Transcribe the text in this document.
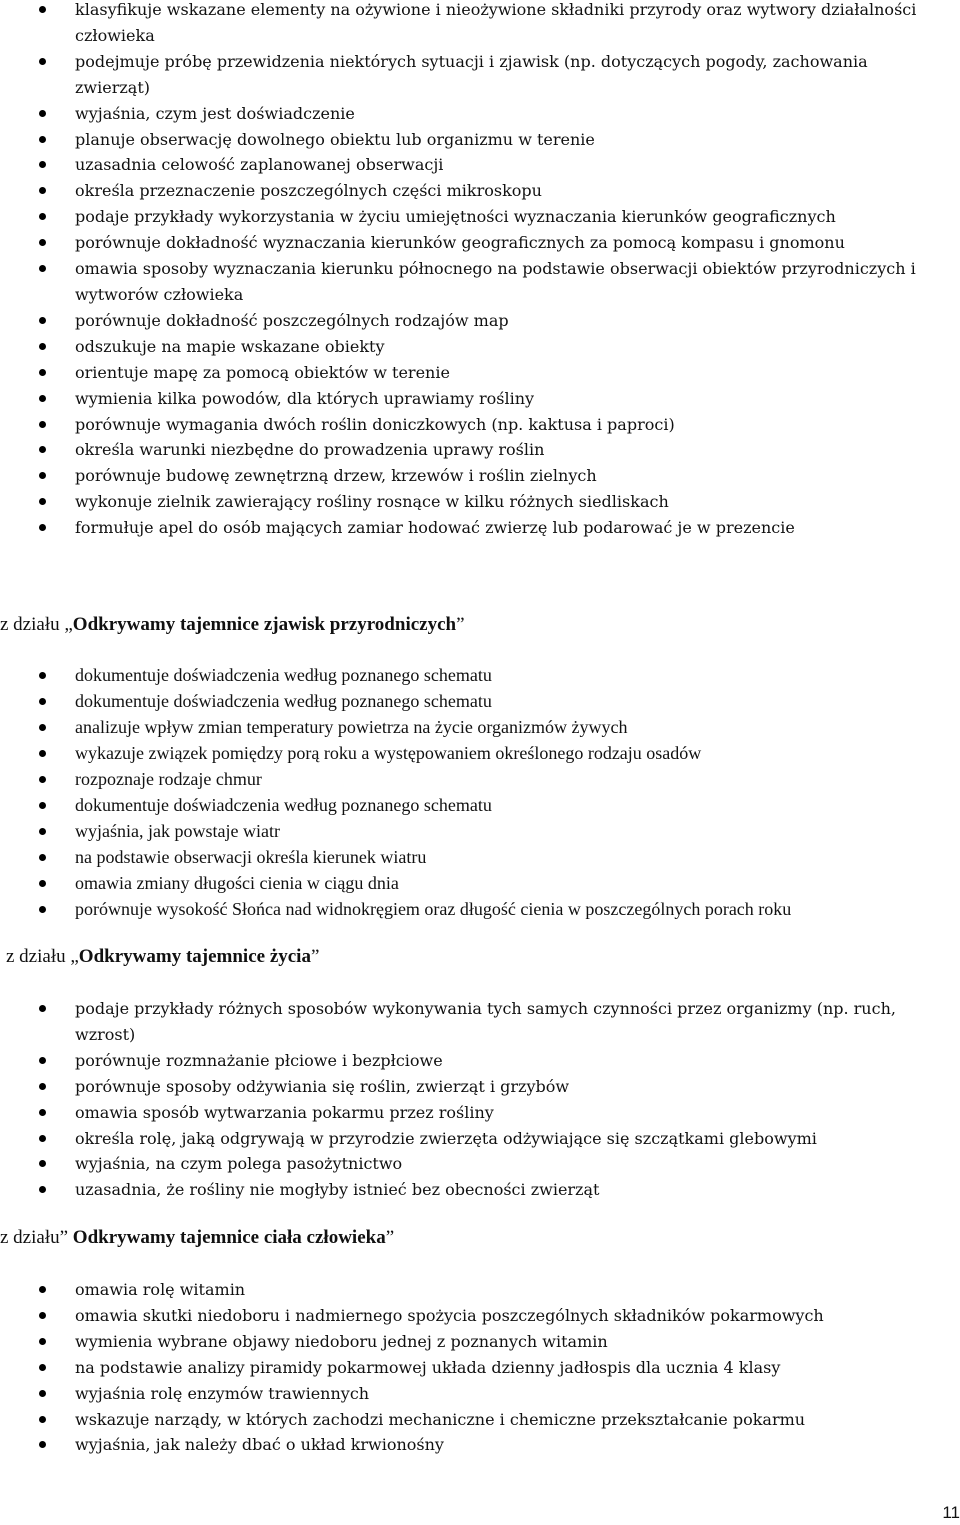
klasyfikuje wskazane elementy na ożywione i nieożywione składniki przyrody oraz wytwory działalności człowieka
podejmuje próbę przewidzenia niektórych sytuacji i zjawisk (np. dotyczących pogody, zachowania zwierząt)
wyjaśnia, czym jest doświadczenie
planuje obserwację dowolnego obiektu lub organizmu w terenie
uzasadnia celowość zaplanowanej obserwacji
określa przeznaczenie poszczególnych części mikroskopu
podaje przykłady wykorzystania w życiu umiejętności wyznaczania kierunków geograficznych
porównuje dokładność wyznaczania kierunków geograficznych za pomocą kompasu i gnomonu
omawia sposoby wyznaczania kierunku północnego na podstawie obserwacji obiektów przyrodniczych i wytworów człowieka
porównuje dokładność poszczególnych rodzajów map
odszukuje na mapie wskazane obiekty
orientuje mapę za pomocą obiektów w terenie
wymienia kilka powodów, dla których uprawiamy rośliny
porównuje wymagania dwóch roślin doniczkowych (np. kaktusa i paproci)
określa warunki niezbędne do prowadzenia uprawy roślin
porównuje budowę zewnętrzną drzew, krzewów i roślin zielnych
wykonuje zielnik zawierający rośliny rosnące w kilku różnych siedliskach
formułuje apel do osób mających zamiar hodować zwierzę lub podarować je w prezencie
z działu „Odkrywamy tajemnice zjawisk przyrodniczych”
dokumentuje doświadczenia według poznanego schematu
dokumentuje doświadczenia według poznanego schematu
analizuje wpływ zmian temperatury powietrza na życie organizmów żywych
wykazuje związek pomiędzy porą roku a występowaniem określonego rodzaju osadów
rozpoznaje rodzaje chmur
dokumentuje doświadczenia według poznanego schematu
wyjaśnia, jak powstaje wiatr
na podstawie obserwacji określa kierunek wiatru
omawia zmiany długości cienia w ciągu dnia
porównuje wysokość Słońca nad widnokręgiem oraz długość cienia w poszczególnych porach roku
z działu „Odkrywamy tajemnice życia”
podaje przykłady różnych sposobów wykonywania tych samych czynności przez organizmy (np. ruch, wzrost)
porównuje rozmnażanie płciowe i bezpłciowe
porównuje sposoby odżywiania się roślin, zwierząt i grzybów
omawia sposób wytwarzania pokarmu przez rośliny
określa rolę, jaką odgrywają w przyrodzie zwierzęta odżywiające się szczątkami glebowymi
wyjaśnia, na czym polega pasożytnictwo
uzasadnia, że rośliny nie mogłyby istnieć bez obecności zwierząt
z działu” Odkrywamy tajemnice ciała człowieka”
omawia rolę witamin
omawia skutki niedoboru i nadmiernego spożycia poszczególnych składników pokarmowych
wymienia wybrane objawy niedoboru jednej z poznanych witamin
na podstawie analizy piramidy pokarmowej układa dzienny jadłospis dla ucznia 4 klasy
wyjaśnia rolę enzymów trawiennych
wskazuje narządy, w których zachodzi mechaniczne i chemiczne przekształcanie pokarmu
wyjaśnia, jak należy dbać o układ krwionośny
11
